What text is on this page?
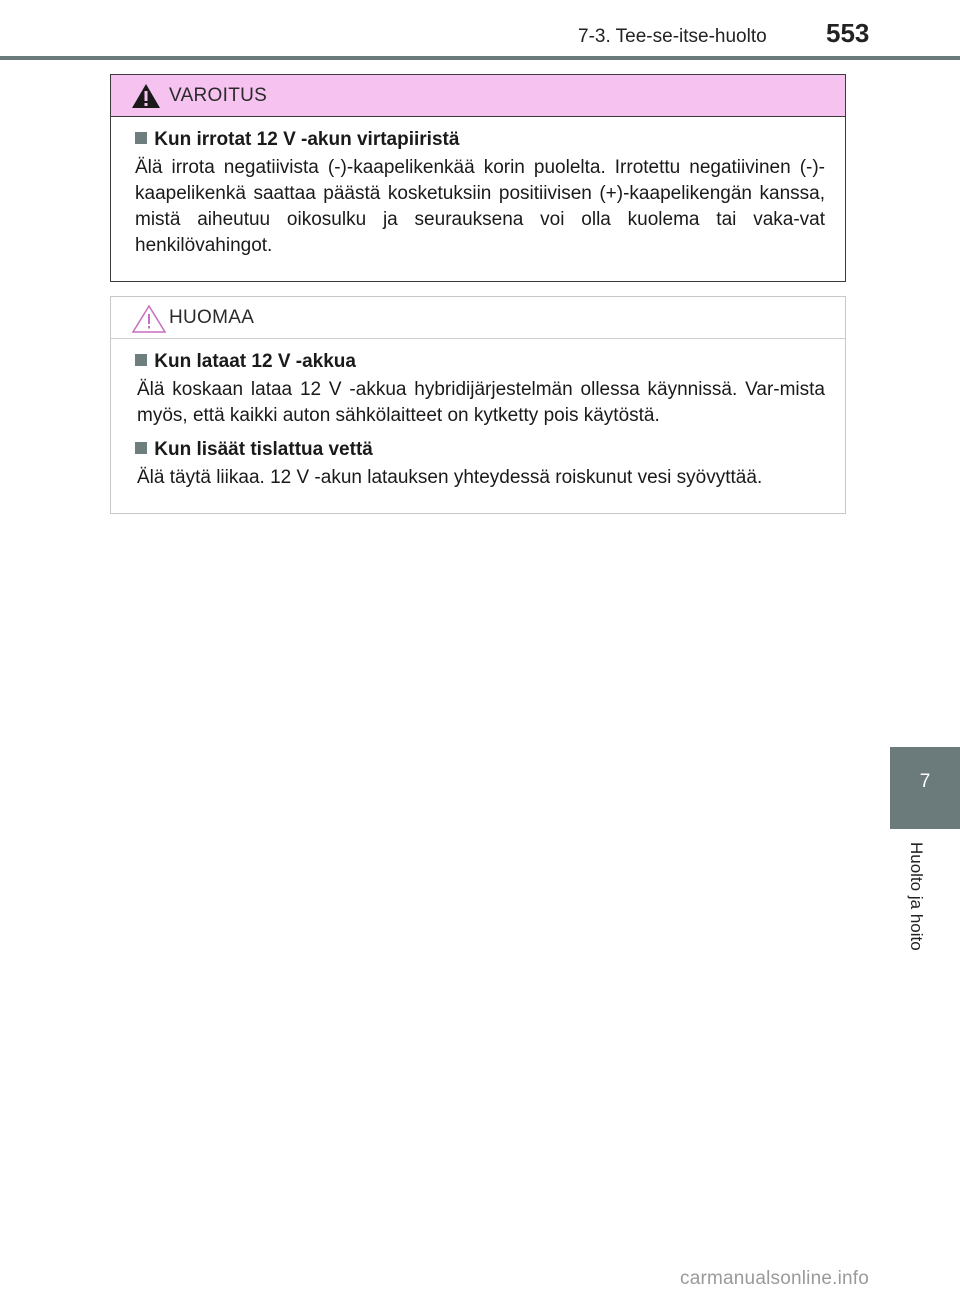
7-3. Tee-se-itse-huolto 553
VAROITUS
Kun irrotat 12 V -akun virtapiiristä
Älä irrota negatiivista (-)-kaapelikenkää korin puolelta. Irrotettu negatiivinen (-)-kaapelikenkä saattaa päästä kosketuksiin positiivisen (+)-kaapelikengän kanssa, mistä aiheutuu oikosulku ja seurauksena voi olla kuolema tai vaka-vat henkilövahingot.
HUOMAA
Kun lataat 12 V -akkua
Älä koskaan lataa 12 V -akkua hybridijärjestelmän ollessa käynnissä. Var-mista myös, että kaikki auton sähkölaitteet on kytketty pois käytöstä.
Kun lisäät tislattua vettä
Älä täytä liikaa. 12 V -akun latauksen yhteydessä roiskunut vesi syövyttää.
7
Huolto ja hoito
carmanualsonline.info
